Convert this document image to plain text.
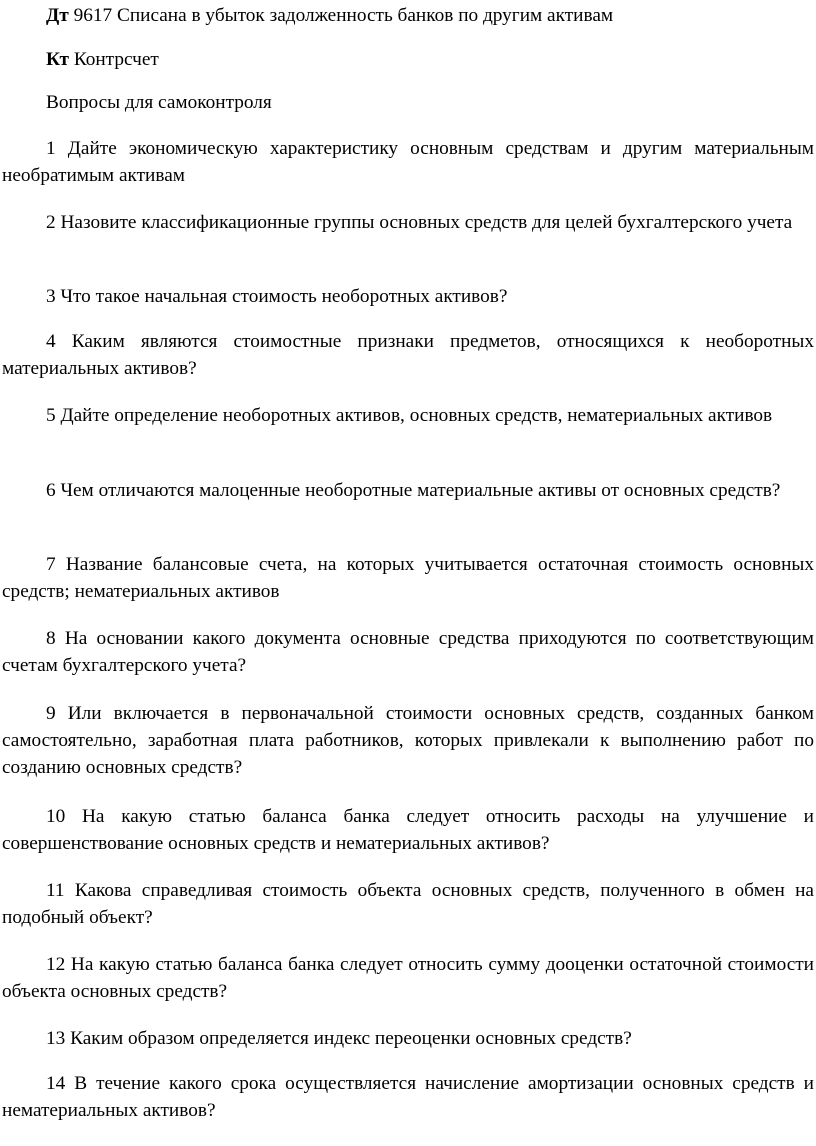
Дт 9617 Списана в убыток задолженность банков по другим активам

Кт Контрсчет

Вопросы для самоконтроля

1 Дайте экономическую характеристику основным средствам и другим материальным необратимым активам

2 Назовите классификационные группы основных средств для целей бухгалтерского учета

3 Что такое начальная стоимость необоротных активов?

4 Каким являются стоимостные признаки предметов, относящихся к необоротных материальных активов?

5 Дайте определение необоротных активов, основных средств, нематериальных активов

6 Чем отличаются малоценные необоротные материальные активы от основных средств?

7 Название балансовые счета, на которых учитывается остаточная стоимость основных средств; нематериальных активов

8 На основании какого документа основные средства приходуются по соответствующим счетам бухгалтерского учета?

9 Или включается в первоначальной стоимости основных средств, созданных банком самостоятельно, заработная плата работников, которых привлекали к выполнению работ по созданию основных средств?

10 На какую статью баланса банка следует относить расходы на улучшение и совершенствование основных средств и нематериальных активов?

11 Какова справедливая стоимость объекта основных средств, полученного в обмен на подобный объект?

12 На какую статью баланса банка следует относить сумму дооценки остаточной стоимости объекта основных средств?

13 Каким образом определяется индекс переоценки основных средств?

14 В течение какого срока осуществляется начисление амортизации основных средств и нематериальных активов?
